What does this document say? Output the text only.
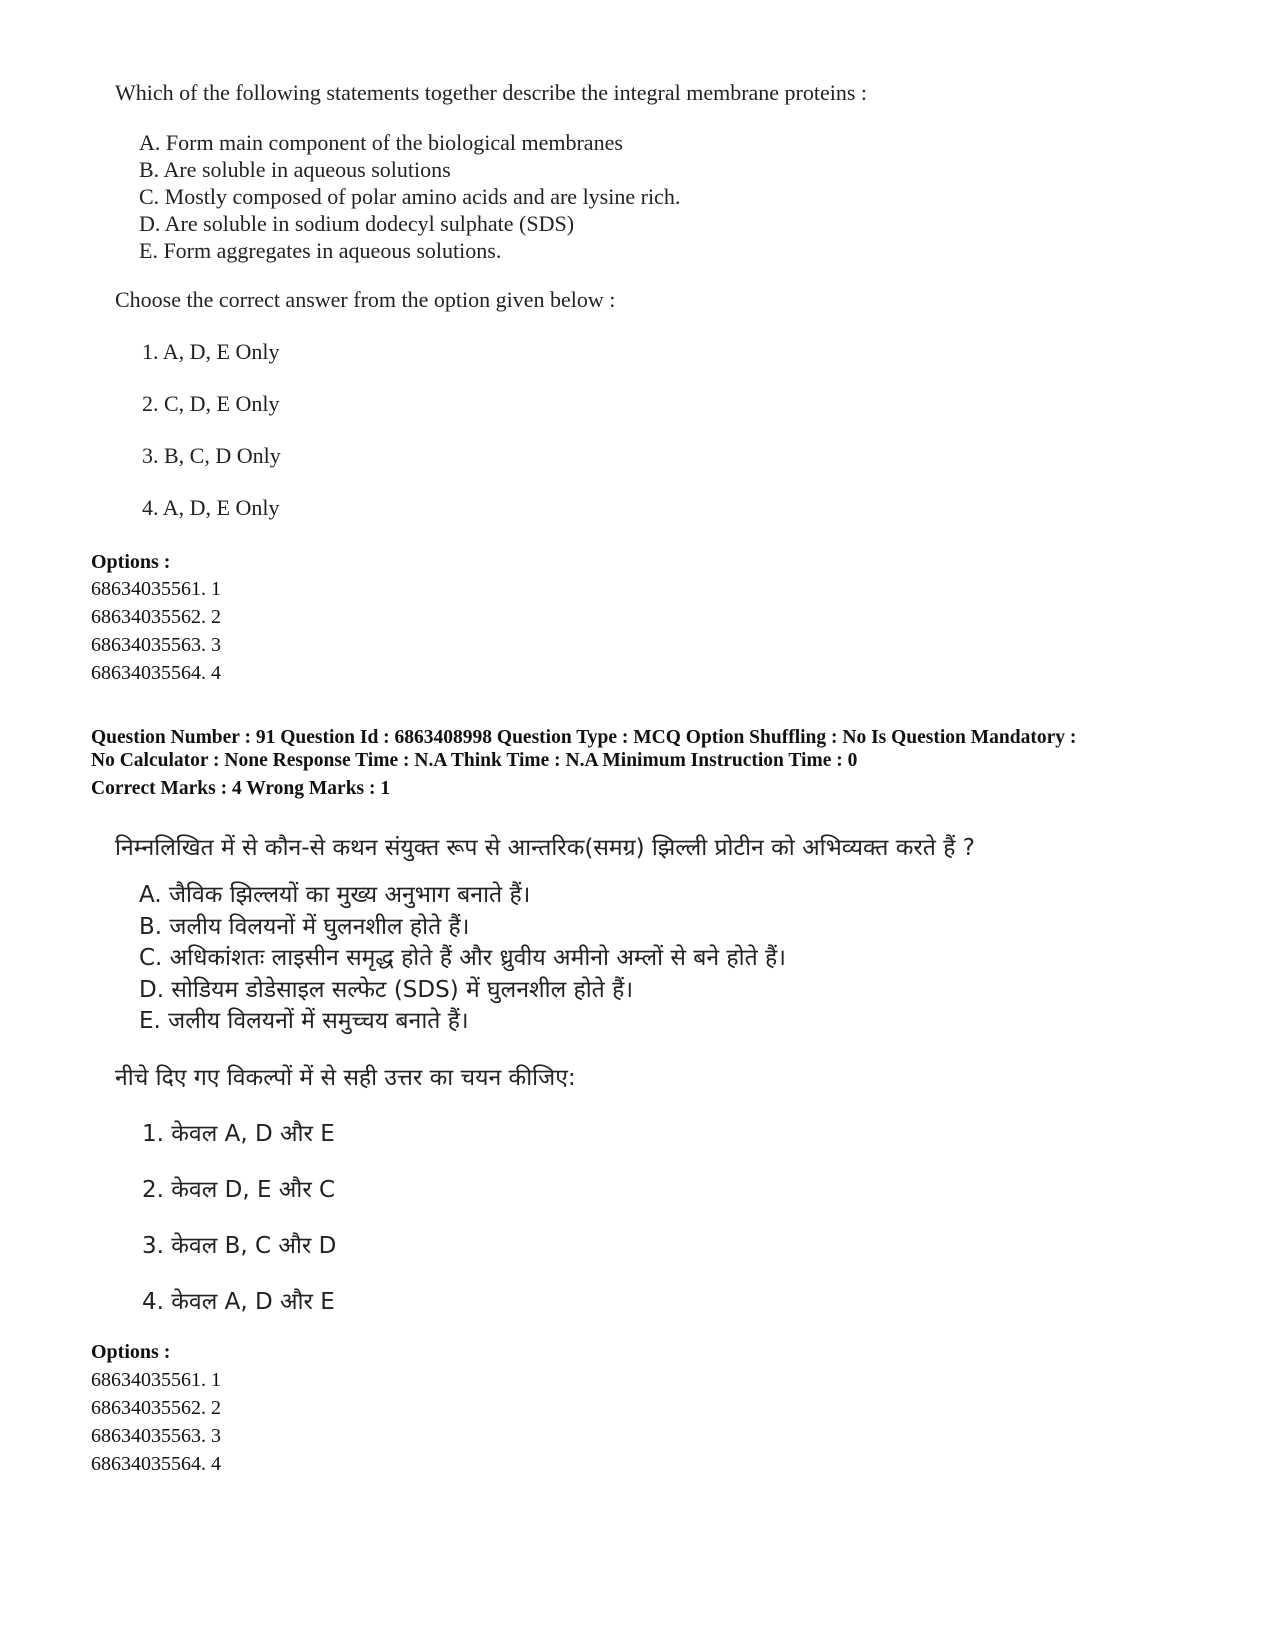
Which of the following statements together describe the integral membrane proteins :
A. Form main component of the biological membranes
B. Are soluble in aqueous solutions
C. Mostly composed of polar amino acids and are lysine rich.
D. Are soluble in sodium dodecyl sulphate (SDS)
E. Form aggregates in aqueous solutions.
Choose the correct answer from the option given below :
1. A, D, E Only
2. C, D, E Only
3. B, C, D Only
4. A, D, E Only
Options :
68634035561. 1
68634035562. 2
68634035563. 3
68634035564. 4
Question Number : 91 Question Id : 6863408998 Question Type : MCQ Option Shuffling : No Is Question Mandatory :
No Calculator : None Response Time : N.A Think Time : N.A Minimum Instruction Time : 0
Correct Marks : 4 Wrong Marks : 1
निम्नलिखित में से कौन-से कथन संयुक्त रूप से आन्तरिक(समग्र) झिल्ली प्रोटीन को अभिव्यक्त करते हैं ?
A. जैविक झिल्लयों का मुख्य अनुभाग बनाते हैं।
B. जलीय विलयनों में घुलनशील होते हैं।
C. अधिकांशतः लाइसीन समृद्ध होते हैं और ध्रुवीय अमीनो अम्लों से बने होते हैं।
D. सोडियम डोडेसाइल सल्फेट (SDS) में घुलनशील होते हैं।
E. जलीय विलयनों में समुच्चय बनाते हैं।
नीचे दिए गए विकल्पों में से सही उत्तर का चयन कीजिए:
1. केवल A, D और E
2. केवल D, E और C
3. केवल B, C और D
4. केवल A, D और E
Options :
68634035561. 1
68634035562. 2
68634035563. 3
68634035564. 4
